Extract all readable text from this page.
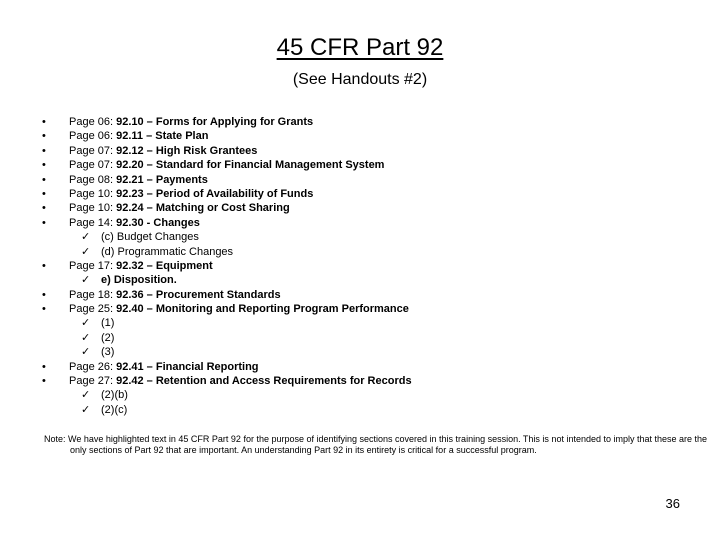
45 CFR Part 92
(See Handouts #2)
•	Page 06: 92.10 – Forms for Applying for Grants
•	Page 06: 92.11 – State Plan
•	Page 07: 92.12 – High Risk Grantees
•	Page 07: 92.20 – Standard for Financial Management System
•	Page 08: 92.21 – Payments
•	Page 10: 92.23 – Period of Availability of Funds
•	Page 10: 92.24 – Matching or Cost Sharing
•	Page 14: 92.30 - Changes
✓ (c) Budget Changes
✓ (d) Programmatic Changes
•	Page 17: 92.32 – Equipment
✓ e) Disposition.
•	Page 18: 92.36 – Procurement Standards
•	Page 25: 92.40 – Monitoring and Reporting Program Performance
✓ (1)
✓ (2)
✓ (3)
•	Page 26: 92.41 – Financial Reporting
•	Page 27: 92.42 – Retention and Access Requirements for Records
✓ (2)(b)
✓ (2)(c)
Note: We have highlighted text in 45 CFR Part 92 for the purpose of identifying sections covered in this training session. This is not intended to imply that these are the only sections of Part 92 that are important. An understanding Part 92 in its entirety is critical for a successful program.
36
